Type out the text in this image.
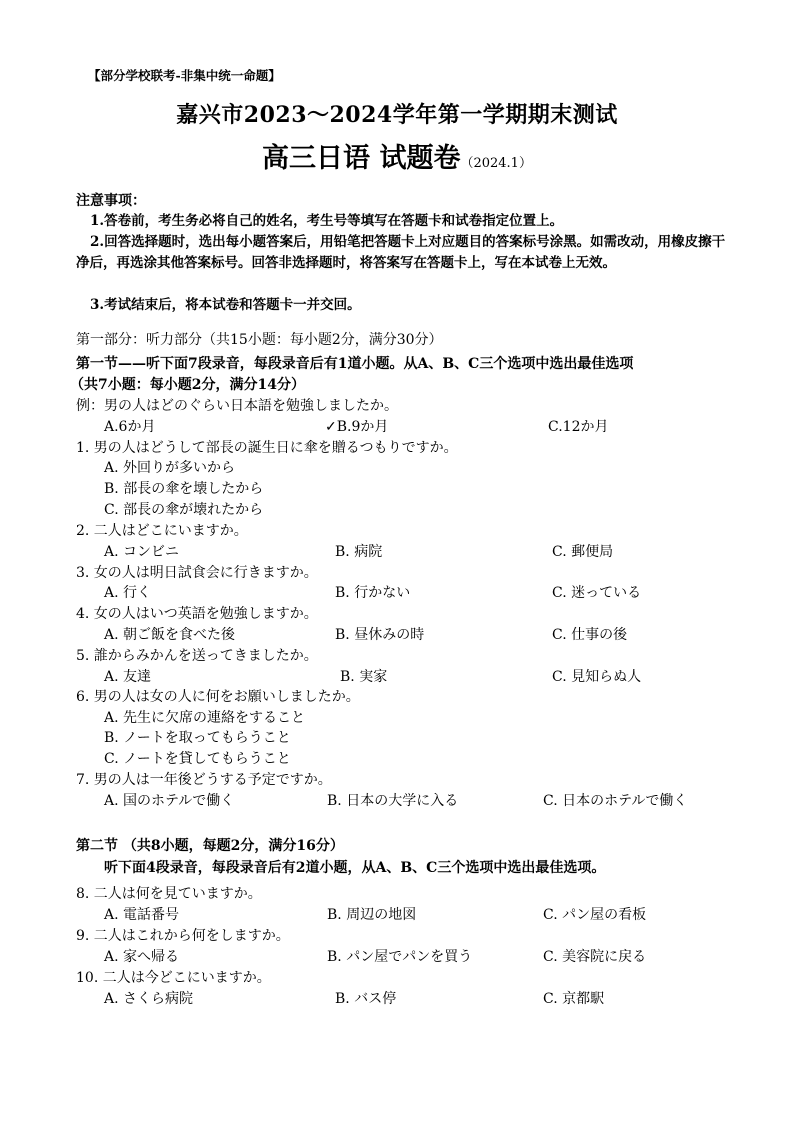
【部分学校联考-非集中统一命题】
嘉兴市2023～2024学年第一学期期末测试
高三日语 试题卷（2024.1）
注意事项：
1.答卷前，考生务必将自己的姓名，考生号等填写在答题卡和试卷指定位置上。
2.回答选择题时，选出每小题答案后，用铅笔把答题卡上对应题目的答案标号涂黑。如需改动，用橡皮擦干净后，再选涂其他答案标号。回答非选择题时，将答案写在答题卡上，写在本试卷上无效。
3.考试结束后，将本试卷和答题卡一并交回。
第一部分：听力部分（共15小题：每小题2分，满分30分）
第一节——听下面7段录音，每段录音后有1道小题。从A、B、C三个选项中选出最佳选项
（共7小题：每小题2分，满分14分）
例：男の人はどのぐらい日本語を勉強しましたか。
A.6か月	✓B.9か月	C.12か月
1. 男の人はどうして部長の誕生日に傘を贈るつもりですか。
A. 外回りが多いから
B. 部長の傘を壊したから
C. 部長の傘が壊れたから
2. 二人はどこにいますか。
A. コンビニ	B. 病院	C. 郵便局
3. 女の人は明日試食会に行きますか。
A. 行く	B. 行かない	C. 迷っている
4. 女の人はいつ英語を勉強しますか。
A. 朝ご飯を食べた後	B. 昼休みの時	C. 仕事の後
5. 誰からみかんを送ってきましたか。
A. 友達	B. 実家	C. 見知らぬ人
6. 男の人は女の人に何をお願いしましたか。
A. 先生に欠席の連絡をすること
B. ノートを取ってもらうこと
C. ノートを貸してもらうこと
7. 男の人は一年後どうする予定ですか。
A. 国のホテルで働く	B. 日本の大学に入る	C. 日本のホテルで働く
第二节 （共8小题，每题2分，满分16分）
听下面4段录音，每段录音后有2道小题，从A、B、C三个选项中选出最佳选项。
8. 二人は何を見ていますか。
A. 電話番号	B. 周辺の地図	C. パン屋の看板
9. 二人はこれから何をしますか。
A. 家へ帰る	B. パン屋でパンを買う	C. 美容院に戻る
10. 二人は今どこにいますか。
A. さくら病院	B. バス停	C. 京都駅
